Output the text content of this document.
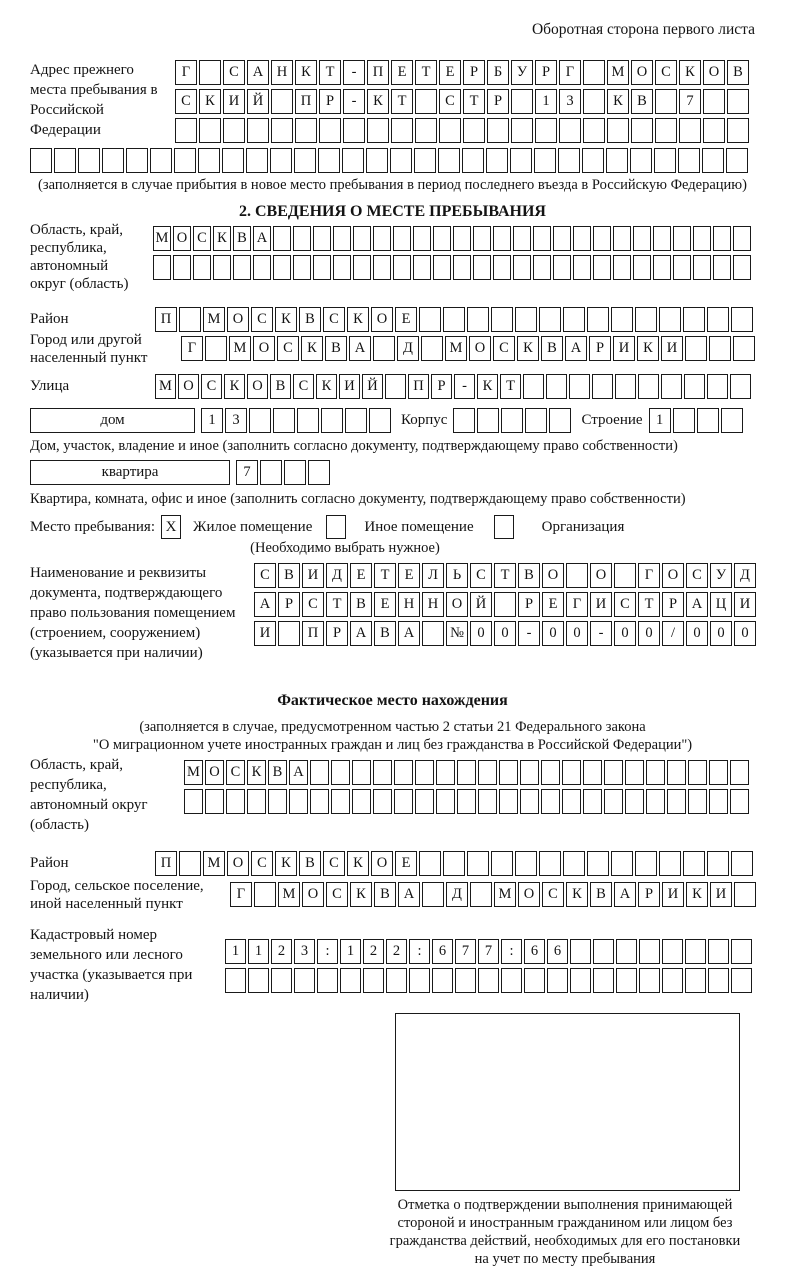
Оборотная сторона первого листа
Адрес прежнего места пребывания в Российской Федерации
Г	С А Н К	Т	-	П Е	Т	Е	Р	Б	У	Р	Г	М О С К О В
С К И Й	П	Р	-	К	Т	С	Т	Р	1	3	К В	7
(заполняется в случае прибытия в новое место пребывания в период последнего въезда в Российскую Федерацию)
2. СВЕДЕНИЯ О МЕСТЕ ПРЕБЫВАНИЯ
Область, край, республика, автономный округ (область)
М О С К В А
Район	П	М О С К В С К О Е
Город или другой населенный пункт
Г	М О С К В А	Д	М О С К В А	Р	И К И
Улица	М О С К О В С К И Й	П Р	-	К Т
дом	1	3	Корпус	Строение 1
Дом, участок, владение и иное (заполнить согласно документу, подтверждающему право собственности)
квартира	7
Квартира, комната, офис и иное (заполнить согласно документу, подтверждающему право собственности)
Место пребывания: X	Жилое помещение	Иное помещение	Организация
(Необходимо выбрать нужное)
Наименование и реквизиты документа, подтверждающего право пользования помещением (строением, сооружением) (указывается при наличии)
С В И Д	Е	Т	Е	Л	Ь	С	Т	В О	О	Г	О С У Д
А	Р	С	Т	В	Е Н Н О Й	Р	Е	Г	И С	Т	Р	А Ц И
И	П	Р	А В А	№ 0	0	-	0	0	-	0	0	/	0	0	0
Фактическое место нахождения
(заполняется в случае, предусмотренном частью 2 статьи 21 Федерального закона
"О миграционном учете иностранных граждан и лиц без гражданства в Российской Федерации")
Область, край, республика, автономный округ (область)
М О С К В А
Район	П	М О С К В С К О Е
Город, сельское поселение, иной населенный пункт
Г	М О С К В А	Д	М О С К В А	Р	И К И
Кадастровый номер земельного или лесного участка (указывается при наличии)
1	1	2	3	:	1	2	2	:	6	7	7	:	6	6
Отметка о подтверждении выполнения принимающей
стороной и иностранным гражданином или лицом без
гражданства действий, необходимых для его постановки
на учет по месту пребывания
